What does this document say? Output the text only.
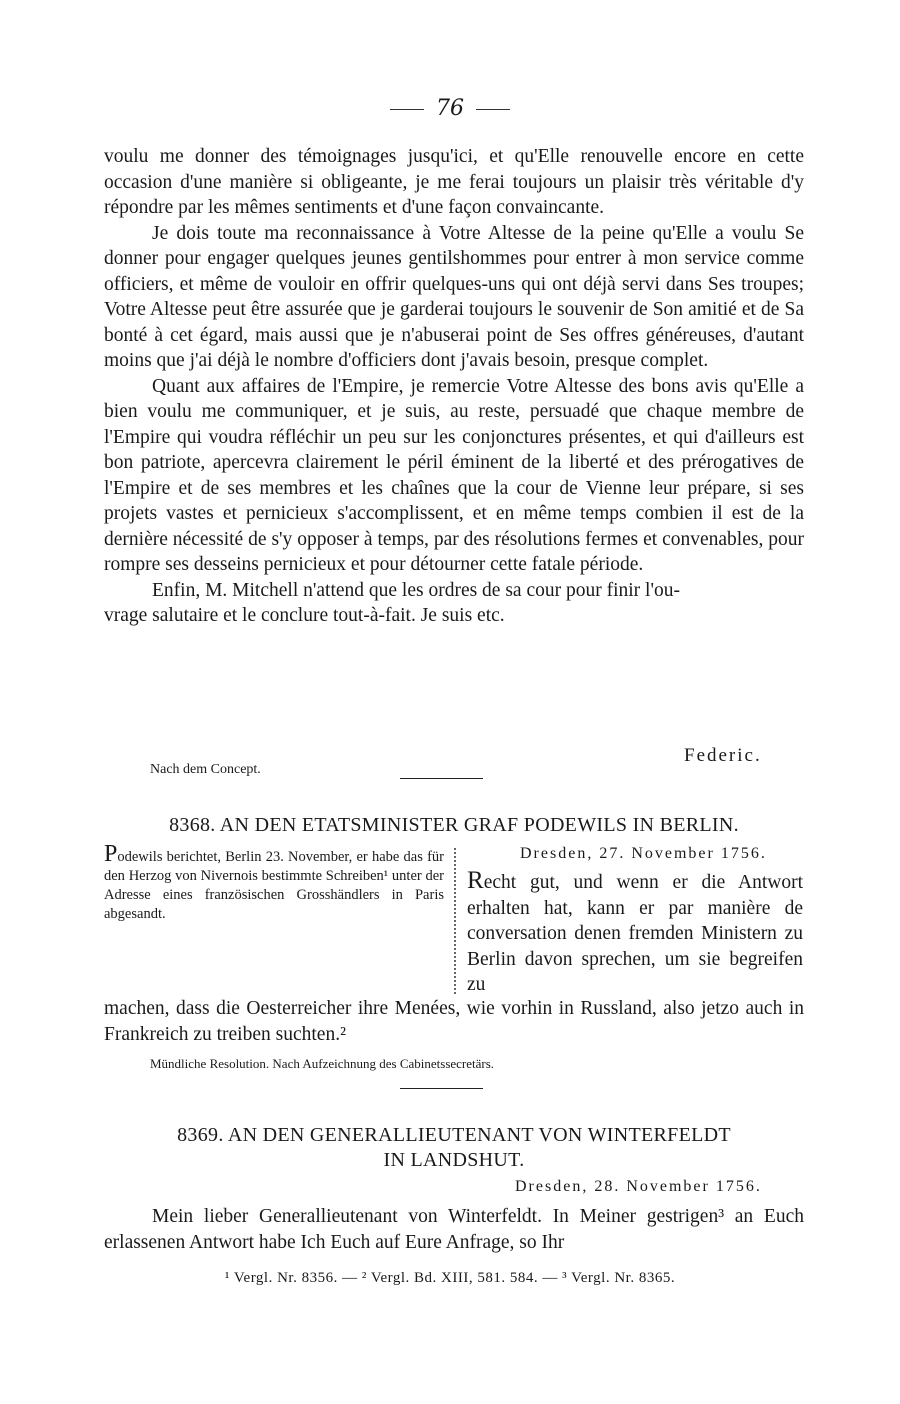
76

voulu me donner des témoignages jusqu'ici, et qu'Elle renouvelle encore en cette occasion d'une manière si obligeante, je me ferai toujours un plaisir très véritable d'y répondre par les mêmes sentiments et d'une façon convaincante.

Je dois toute ma reconnaissance à Votre Altesse de la peine qu'Elle a voulu Se donner pour engager quelques jeunes gentilshommes pour entrer à mon service comme officiers, et même de vouloir en offrir quelques-uns qui ont déjà servi dans Ses troupes; Votre Altesse peut être assurée que je garderai toujours le souvenir de Son amitié et de Sa bonté à cet égard, mais aussi que je n'abuserai point de Ses offres généreuses, d'autant moins que j'ai déjà le nombre d'officiers dont j'avais besoin, presque complet.

Quant aux affaires de l'Empire, je remercie Votre Altesse des bons avis qu'Elle a bien voulu me communiquer, et je suis, au reste, persuadé que chaque membre de l'Empire qui voudra réfléchir un peu sur les conjonctures présentes, et qui d'ailleurs est bon patriote, apercevra clairement le péril éminent de la liberté et des prérogatives de l'Empire et de ses membres et les chaînes que la cour de Vienne leur prépare, si ses projets vastes et pernicieux s'accomplissent, et en même temps combien il est de la dernière nécessité de s'y opposer à temps, par des résolutions fermes et convenables, pour rompre ses desseins pernicieux et pour détourner cette fatale période.

Enfin, M. Mitchell n'attend que les ordres de sa cour pour finir l'ou-

vrage salutaire et le conclure tout-à-fait. Je suis etc.

Federic.
Nach dem Concept.
8368. AN DEN ETATSMINISTER GRAF PODEWILS IN BERLIN.
Podewils berichtet, Berlin 23. November, er habe das für den Herzog von Nivernois bestimmte Schreiben¹ unter der Adresse eines französischen Grosshändlers in Paris abgesandt.
Dresden, 27. November 1756.
Recht gut, und wenn er die Antwort erhalten hat, kann er par manière de conversation denen fremden Ministern zu Berlin davon sprechen, um sie begreifen zu

machen, dass die Oesterreicher ihre Menées, wie vorhin in Russland, also jetzo auch in Frankreich zu treiben suchten.²

Mündliche Resolution. Nach Aufzeichnung des Cabinetssecretärs.
8369. AN DEN GENERALLIEUTENANT VON WINTERFELDT
IN LANDSHUT.
Dresden, 28. November 1756.

Mein lieber Generallieutenant von Winterfeldt. In Meiner gestrigen³ an Euch erlassenen Antwort habe Ich Euch auf Eure Anfrage, so Ihr

¹ Vergl. Nr. 8356. — ² Vergl. Bd. XIII, 581. 584. — ³ Vergl. Nr. 8365.
